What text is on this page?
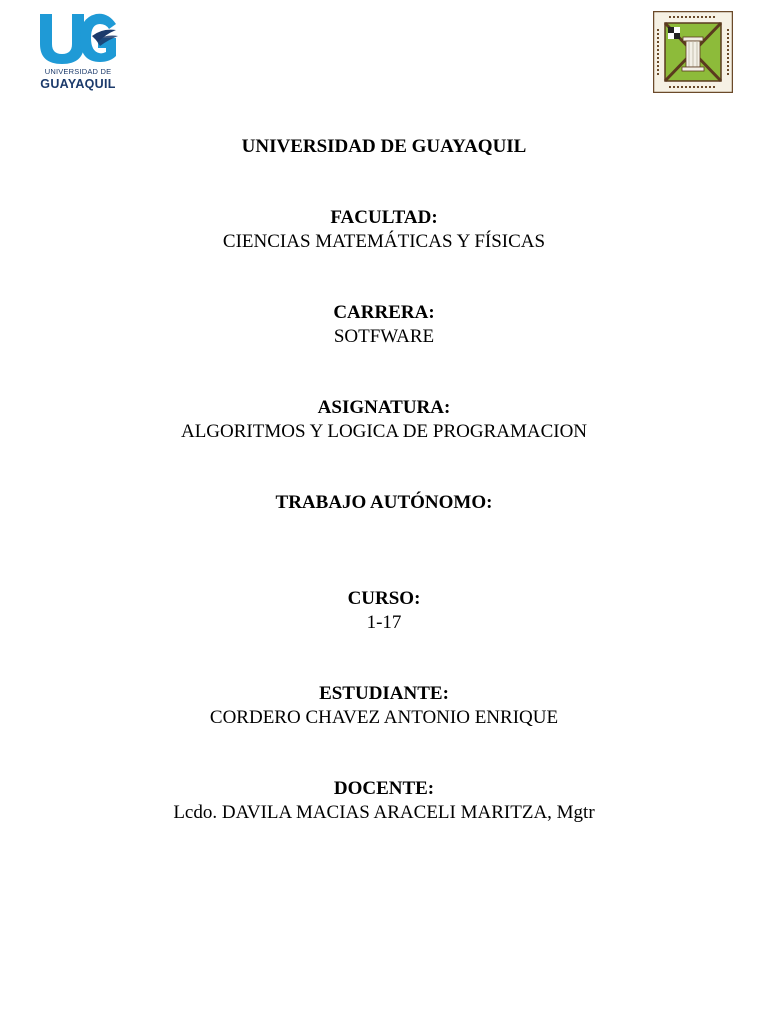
UNIVERSIDAD DE
GUAYAQUIL
UNIVERSIDAD DE GUAYAQUIL
FACULTAD:
CIENCIAS MATEMÁTICAS Y FÍSICAS
CARRERA:
SOTFWARE
ASIGNATURA:
ALGORITMOS Y LOGICA DE PROGRAMACION
TRABAJO AUTÓNOMO:
CURSO:
1-17
ESTUDIANTE:
CORDERO CHAVEZ ANTONIO ENRIQUE
DOCENTE:
Lcdo. DAVILA MACIAS ARACELI MARITZA, Mgtr
